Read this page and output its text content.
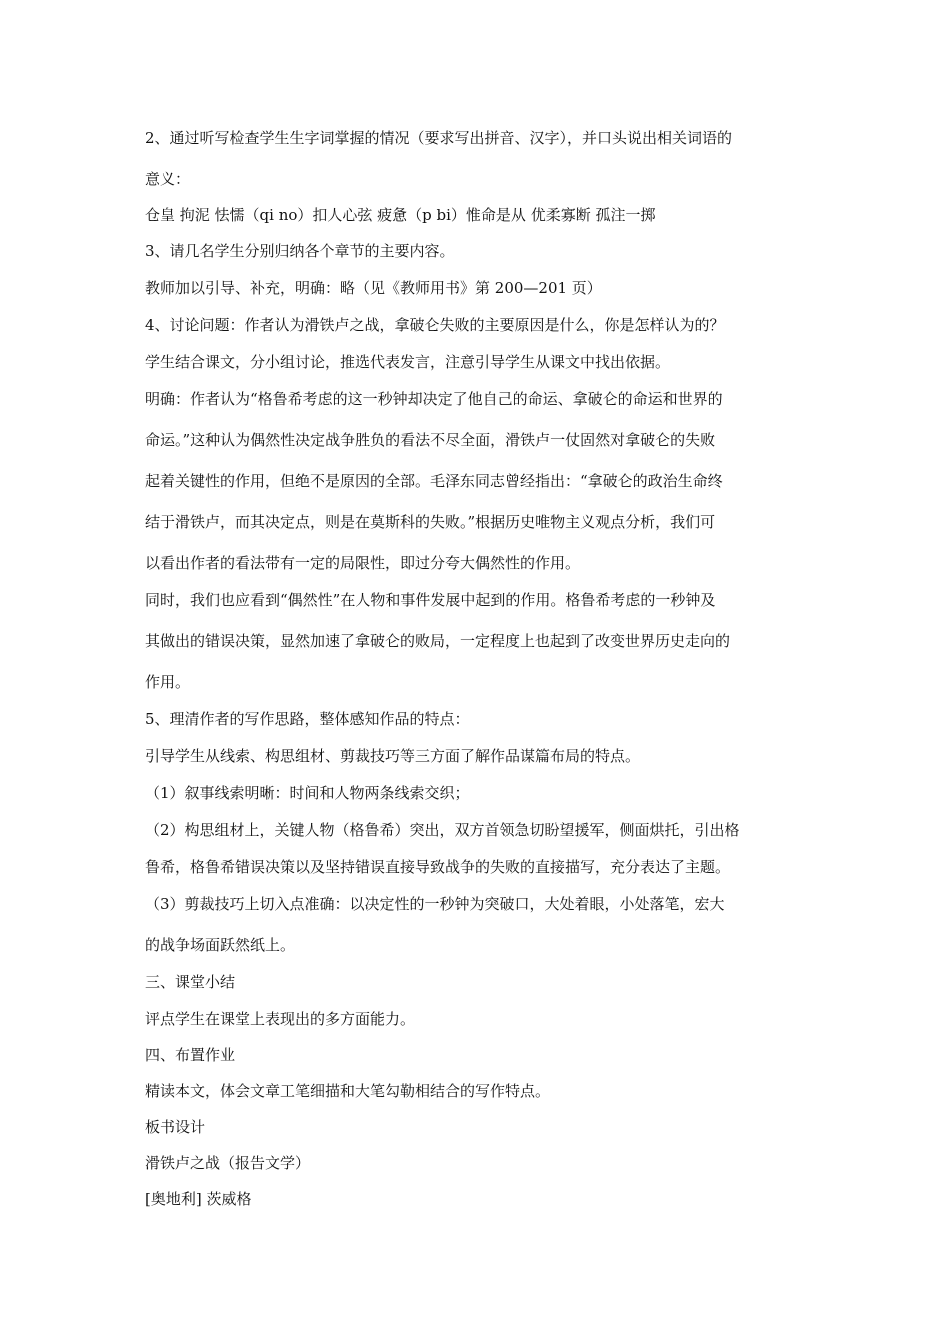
2、通过听写检查学生生字词掌握的情况（要求写出拼音、汉字），并口头说出相关词语的

意义：

仓皇 拘泥 怯懦（qi no）扣人心弦 疲惫（p bi）惟命是从 优柔寡断 孤注一掷

3、请几名学生分别归纳各个章节的主要内容。

教师加以引导、补充，明确：略（见《教师用书》第 200—201 页）

4、讨论问题：作者认为滑铁卢之战，拿破仑失败的主要原因是什么，你是怎样认为的？

学生结合课文，分小组讨论，推选代表发言，注意引导学生从课文中找出依据。

明确：作者认为“格鲁希考虑的这一秒钟却决定了他自己的命运、拿破仑的命运和世界的

命运。”这种认为偶然性决定战争胜负的看法不尽全面，滑铁卢一仗固然对拿破仑的失败

起着关键性的作用，但绝不是原因的全部。毛泽东同志曾经指出：“拿破仑的政治生命终

结于滑铁卢，而其决定点，则是在莫斯科的失败。”根据历史唯物主义观点分析，我们可

以看出作者的看法带有一定的局限性，即过分夸大偶然性的作用。

同时，我们也应看到“偶然性”在人物和事件发展中起到的作用。格鲁希考虑的一秒钟及

其做出的错误决策，显然加速了拿破仑的败局，一定程度上也起到了改变世界历史走向的

作用。

5、理清作者的写作思路，整体感知作品的特点：

引导学生从线索、构思组材、剪裁技巧等三方面了解作品谋篇布局的特点。

（1）叙事线索明晰：时间和人物两条线索交织；

（2）构思组材上，关键人物（格鲁希）突出，双方首领急切盼望援军，侧面烘托，引出格

鲁希，格鲁希错误决策以及坚持错误直接导致战争的失败的直接描写，充分表达了主题。

（3）剪裁技巧上切入点准确：以决定性的一秒钟为突破口，大处着眼，小处落笔，宏大

的战争场面跃然纸上。

三、课堂小结

评点学生在课堂上表现出的多方面能力。

四、布置作业

精读本文，体会文章工笔细描和大笔勾勒相结合的写作特点。

板书设计

滑铁卢之战（报告文学）

[奥地利] 茨威格
